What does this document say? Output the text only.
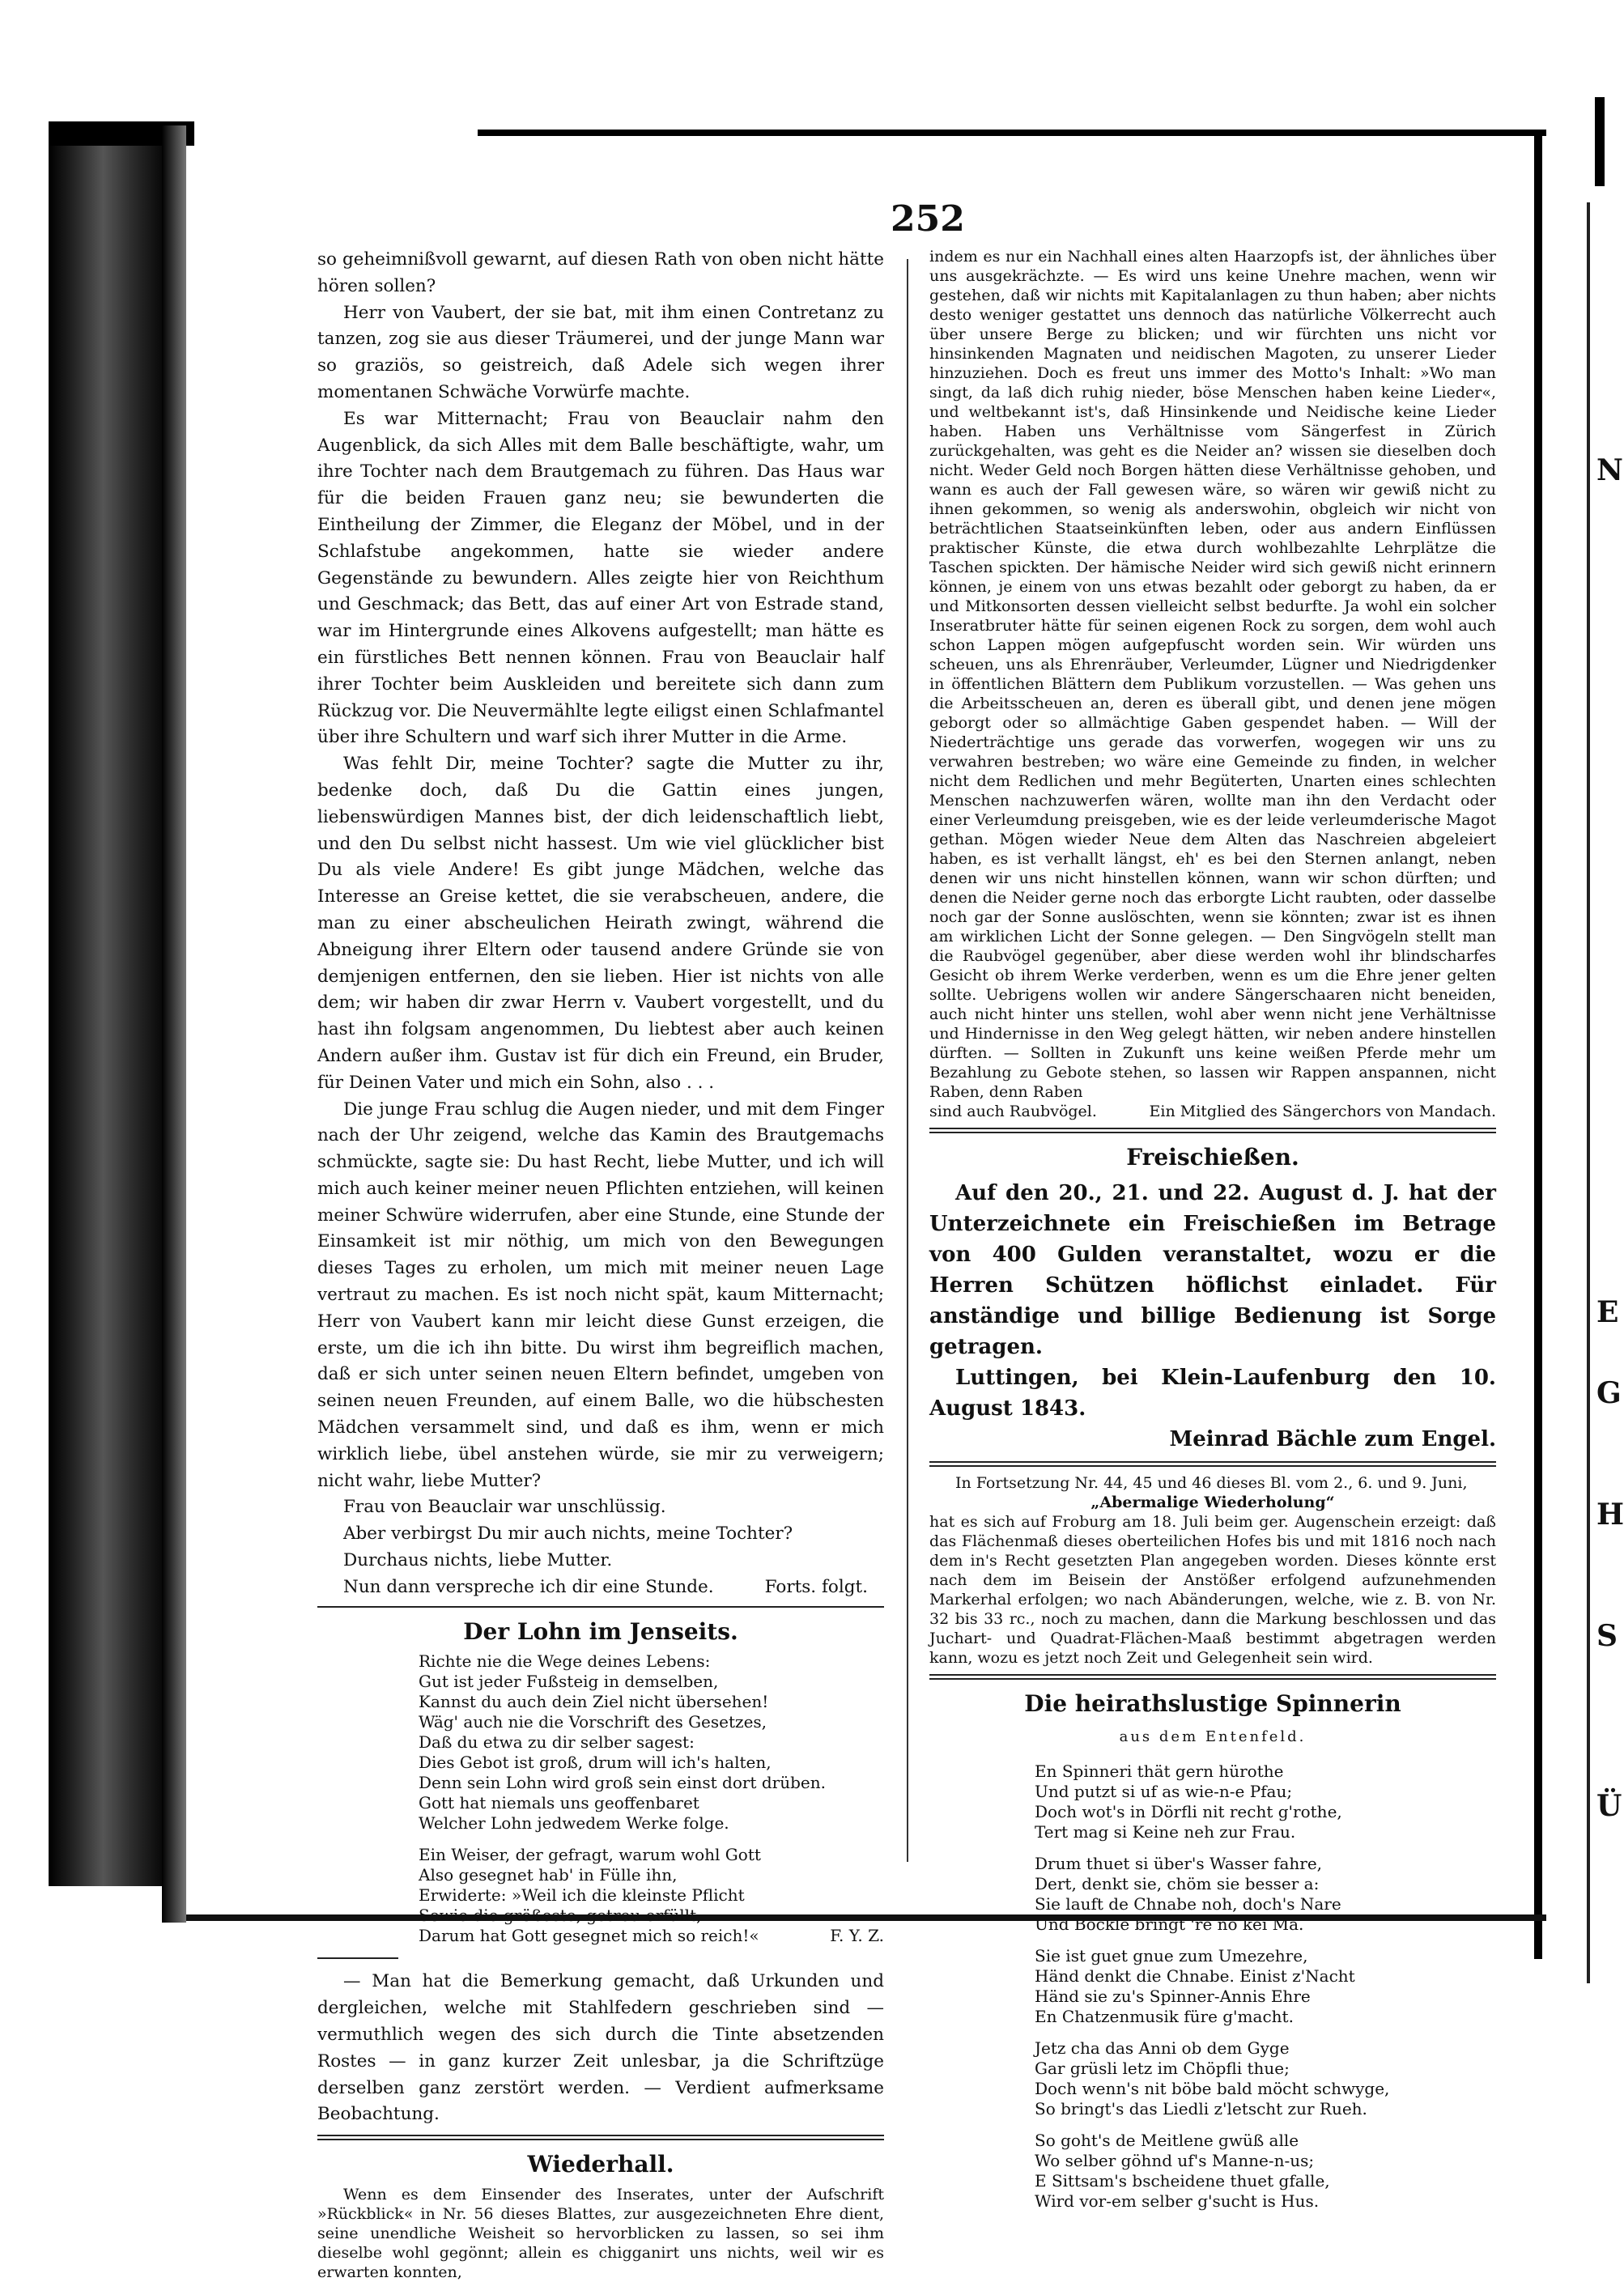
N
E
G
H
S
Ü
252

so geheimnißvoll gewarnt, auf diesen Rath von oben nicht hätte hören sollen?

Herr von Vaubert, der sie bat, mit ihm einen Contretanz zu tanzen, zog sie aus dieser Träumerei, und der junge Mann war so graziös, so geistreich, daß Adele sich wegen ihrer momentanen Schwäche Vorwürfe machte.

Es war Mitternacht; Frau von Beauclair nahm den Augenblick, da sich Alles mit dem Balle beschäftigte, wahr, um ihre Tochter nach dem Brautgemach zu führen. Das Haus war für die beiden Frauen ganz neu; sie bewunderten die Eintheilung der Zimmer, die Eleganz der Möbel, und in der Schlafstube angekommen, hatte sie wieder andere Gegenstände zu bewundern. Alles zeigte hier von Reichthum und Geschmack; das Bett, das auf einer Art von Estrade stand, war im Hintergrunde eines Alkovens aufgestellt; man hätte es ein fürstliches Bett nennen können. Frau von Beauclair half ihrer Tochter beim Auskleiden und bereitete sich dann zum Rückzug vor. Die Neuvermählte legte eiligst einen Schlafmantel über ihre Schultern und warf sich ihrer Mutter in die Arme.

Was fehlt Dir, meine Tochter? sagte die Mutter zu ihr, bedenke doch, daß Du die Gattin eines jungen, liebenswürdigen Mannes bist, der dich leidenschaftlich liebt, und den Du selbst nicht hassest. Um wie viel glücklicher bist Du als viele Andere! Es gibt junge Mädchen, welche das Interesse an Greise kettet, die sie verabscheuen, andere, die man zu einer abscheulichen Heirath zwingt, während die Abneigung ihrer Eltern oder tausend andere Gründe sie von demjenigen entfernen, den sie lieben. Hier ist nichts von alle dem; wir haben dir zwar Herrn v. Vaubert vorgestellt, und du hast ihn folgsam angenommen, Du liebtest aber auch keinen Andern außer ihm. Gustav ist für dich ein Freund, ein Bruder, für Deinen Vater und mich ein Sohn, also . . .

Die junge Frau schlug die Augen nieder, und mit dem Finger nach der Uhr zeigend, welche das Kamin des Brautgemachs schmückte, sagte sie: Du hast Recht, liebe Mutter, und ich will mich auch keiner meiner neuen Pflichten entziehen, will keinen meiner Schwüre widerrufen, aber eine Stunde, eine Stunde der Einsamkeit ist mir nöthig, um mich von den Bewegungen dieses Tages zu erholen, um mich mit meiner neuen Lage vertraut zu machen. Es ist noch nicht spät, kaum Mitternacht; Herr von Vaubert kann mir leicht diese Gunst erzeigen, die erste, um die ich ihn bitte. Du wirst ihm begreiflich machen, daß er sich unter seinen neuen Eltern befindet, umgeben von seinen neuen Freunden, auf einem Balle, wo die hübschesten Mädchen versammelt sind, und daß es ihm, wenn er mich wirklich liebe, übel anstehen würde, sie mir zu verweigern; nicht wahr, liebe Mutter?

Frau von Beauclair war unschlüssig.

Aber verbirgst Du mir auch nichts, meine Tochter?

Durchaus nichts, liebe Mutter.

Nun dann verspreche ich dir eine Stunde.	Forts. folgt.
Der Lohn im Jenseits.
Richte nie die Wege deines Lebens:
Gut ist jeder Fußsteig in demselben,
Kannst du auch dein Ziel nicht übersehen!
Wäg' auch nie die Vorschrift des Gesetzes,
Daß du etwa zu dir selber sagest:
Dies Gebot ist groß, drum will ich's halten,
Denn sein Lohn wird groß sein einst dort drüben.
Gott hat niemals uns geoffenbaret
Welcher Lohn jedwedem Werke folge.
Ein Weiser, der gefragt, warum wohl Gott
Also gesegnet hab' in Fülle ihn,
Erwiderte: »Weil ich die kleinste Pflicht
Sowie die größeste, getreu erfüllt,
Darum hat Gott gesegnet mich so reich!«	F. Y. Z.

— Man hat die Bemerkung gemacht, daß Urkunden und dergleichen, welche mit Stahlfedern geschrieben sind — vermuthlich wegen des sich durch die Tinte absetzenden Rostes — in ganz kurzer Zeit unlesbar, ja die Schriftzüge derselben ganz zerstört werden. — Verdient aufmerksame Beobachtung.

Wiederhall.

Wenn es dem Einsender des Inserates, unter der Aufschrift »Rückblick« in Nr. 56 dieses Blattes, zur ausgezeichneten Ehre dient, seine unendliche Weisheit so hervorblicken zu lassen, so sei ihm dieselbe wohl gegönnt; allein es chigganirt uns nichts, weil wir es erwarten konnten,

indem es nur ein Nachhall eines alten Haarzopfs ist, der ähnliches über uns ausgekrächzte. — Es wird uns keine Unehre machen, wenn wir gestehen, daß wir nichts mit Kapitalanlagen zu thun haben; aber nichts desto weniger gestattet uns dennoch das natürliche Völkerrecht auch über unsere Berge zu blicken; und wir fürchten uns nicht vor hinsinkenden Magnaten und neidischen Magoten, zu unserer Lieder hinzuziehen. Doch es freut uns immer des Motto's Inhalt: »Wo man singt, da laß dich ruhig nieder, böse Menschen haben keine Lieder«, und weltbekannt ist's, daß Hinsinkende und Neidische keine Lieder haben. Haben uns Verhältnisse vom Sängerfest in Zürich zurückgehalten, was geht es die Neider an? wissen sie dieselben doch nicht. Weder Geld noch Borgen hätten diese Verhältnisse gehoben, und wann es auch der Fall gewesen wäre, so wären wir gewiß nicht zu ihnen gekommen, so wenig als anderswohin, obgleich wir nicht von beträchtlichen Staatseinkünften leben, oder aus andern Einflüssen praktischer Künste, die etwa durch wohlbezahlte Lehrplätze die Taschen spickten. Der hämische Neider wird sich gewiß nicht erinnern können, je einem von uns etwas bezahlt oder geborgt zu haben, da er und Mitkonsorten dessen vielleicht selbst bedurfte. Ja wohl ein solcher Inseratbruter hätte für seinen eigenen Rock zu sorgen, dem wohl auch schon Lappen mögen aufgepfuscht worden sein. Wir würden uns scheuen, uns als Ehrenräuber, Verleumder, Lügner und Niedrigdenker in öffentlichen Blättern dem Publikum vorzustellen. — Was gehen uns die Arbeitsscheuen an, deren es überall gibt, und denen jene mögen geborgt oder so allmächtige Gaben gespendet haben. — Will der Niederträchtige uns gerade das vorwerfen, wogegen wir uns zu verwahren bestreben; wo wäre eine Gemeinde zu finden, in welcher nicht dem Redlichen und mehr Begüterten, Unarten eines schlechten Menschen nachzuwerfen wären, wollte man ihn den Verdacht oder einer Verleumdung preisgeben, wie es der leide verleumderische Magot gethan. Mögen wieder Neue dem Alten das Naschreien abgeleiert haben, es ist verhallt längst, eh' es bei den Sternen anlangt, neben denen wir uns nicht hinstellen können, wann wir schon dürften; und denen die Neider gerne noch das erborgte Licht raubten, oder dasselbe noch gar der Sonne auslöschten, wenn sie könnten; zwar ist es ihnen am wirklichen Licht der Sonne gelegen. — Den Singvögeln stellt man die Raubvögel gegenüber, aber diese werden wohl ihr blindscharfes Gesicht ob ihrem Werke verderben, wenn es um die Ehre jener gelten sollte. Uebrigens wollen wir andere Sängerschaaren nicht beneiden, auch nicht hinter uns stellen, wohl aber wenn nicht jene Verhältnisse und Hindernisse in den Weg gelegt hätten, wir neben andere hinstellen dürften. — Sollten in Zukunft uns keine weißen Pferde mehr um Bezahlung zu Gebote stehen, so lassen wir Rappen anspannen, nicht Raben, denn Raben

sind auch Raubvögel.	Ein Mitglied des Sängerchors von Mandach.
Freischießen.

Auf den 20., 21. und 22. August d. J. hat der Unterzeichnete ein Freischießen im Betrage von 400 Gulden veranstaltet, wozu er die Herren Schützen höflichst einladet. Für anständige und billige Bedienung ist Sorge getragen.

Luttingen, bei Klein-Laufenburg den 10. August 1843.
Meinrad Bächle zum Engel.
In Fortsetzung Nr. 44, 45 und 46 dieses Bl. vom 2., 6. und 9. Juni,
„Abermalige Wiederholung“

hat es sich auf Froburg am 18. Juli beim ger. Augenschein erzeigt: daß das Flächenmaß dieses oberteilichen Hofes bis und mit 1816 noch nach dem in's Recht gesetzten Plan angegeben worden. Dieses könnte erst nach dem im Beisein der Anstößer erfolgend aufzunehmenden Markerhal erfolgen; wo nach Abänderungen, welche, wie z. B. von Nr. 32 bis 33 rc., noch zu machen, dann die Markung beschlossen und das Juchart- und Quadrat-Flächen-Maaß bestimmt abgetragen werden kann, wozu es jetzt noch Zeit und Gelegenheit sein wird.

Die heirathslustige Spinnerin
aus dem Entenfeld.
En Spinneri thät gern hürothe
Und putzt si uf as wie-n-e Pfau;
Doch wot's in Dörfli nit recht g'rothe,
Tert mag si Keine neh zur Frau.
Drum thuet si über's Wasser fahre,
Dert, denkt sie, chöm sie besser a:
Sie lauft de Chnabe noh, doch's Nare
Und Böckle bringt 're no kei Ma.
Sie ist guet gnue zum Umezehre,
Händ denkt die Chnabe. Einist z'Nacht
Händ sie zu's Spinner-Annis Ehre
En Chatzenmusik füre g'macht.
Jetz cha das Anni ob dem Gyge
Gar grüsli letz im Chöpfli thue;
Doch wenn's nit böbe bald möcht schwyge,
So bringt's das Liedli z'letscht zur Rueh.
So goht's de Meitlene gwüß alle
Wo selber göhnd uf's Manne-n-us;
E Sittsam's bscheidene thuet gfalle,
Wird vor-em selber g'sucht is Hus.
